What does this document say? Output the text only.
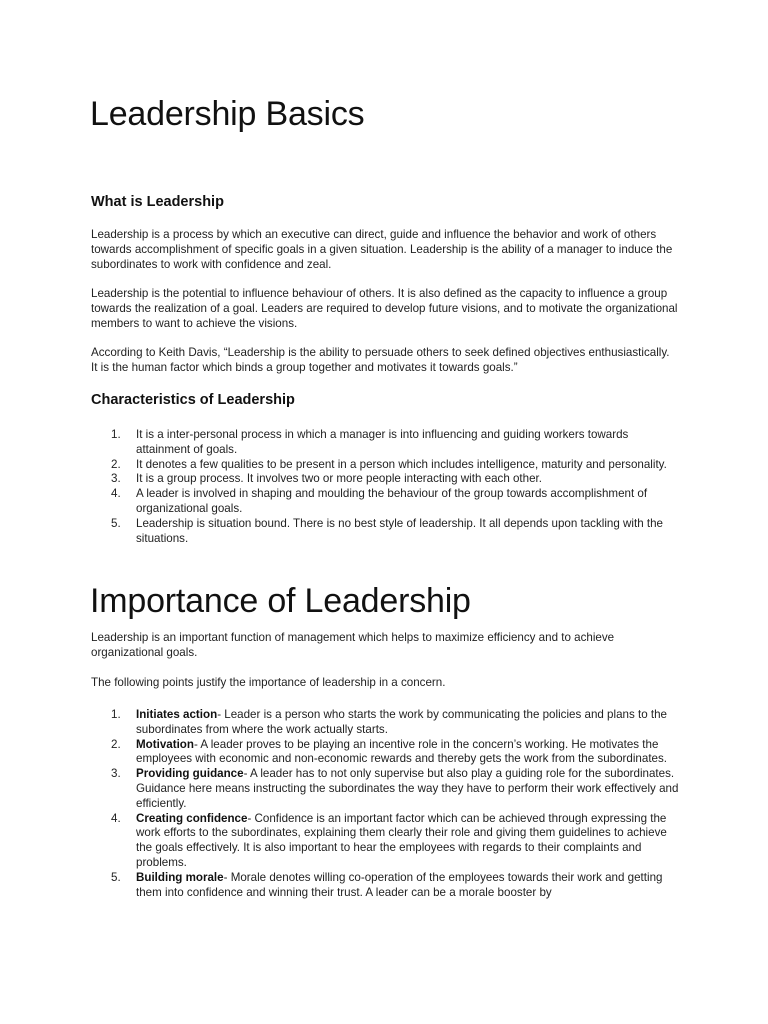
Leadership Basics
What is Leadership

Leadership is a process by which an executive can direct, guide and influence the behavior and work of others towards accomplishment of specific goals in a given situation. Leadership is the ability of a manager to induce the subordinates to work with confidence and zeal.

Leadership is the potential to influence behaviour of others. It is also defined as the capacity to influence a group towards the realization of a goal. Leaders are required to develop future visions, and to motivate the organizational members to want to achieve the visions.

According to Keith Davis, “Leadership is the ability to persuade others to seek defined objectives enthusiastically. It is the human factor which binds a group together and motivates it towards goals.”

Characteristics of Leadership
1.	It is a inter-personal process in which a manager is into influencing and guiding workers towards attainment of goals.
2.	It denotes a few qualities to be present in a person which includes intelligence, maturity and personality.
3.	It is a group process. It involves two or more people interacting with each other.
4.	A leader is involved in shaping and moulding the behaviour of the group towards accomplishment of organizational goals.
5.	Leadership is situation bound. There is no best style of leadership. It all depends upon tackling with the situations.
Importance of Leadership

Leadership is an important function of management which helps to maximize efficiency and to achieve organizational goals.

The following points justify the importance of leadership in a concern.

1.	Initiates action- Leader is a person who starts the work by communicating the policies and plans to the subordinates from where the work actually starts.
2.	Motivation- A leader proves to be playing an incentive role in the concern’s working. He motivates the employees with economic and non-economic rewards and thereby gets the work from the subordinates.
3.	Providing guidance- A leader has to not only supervise but also play a guiding role for the subordinates. Guidance here means instructing the subordinates the way they have to perform their work effectively and efficiently.
4.	Creating confidence- Confidence is an important factor which can be achieved through expressing the work efforts to the subordinates, explaining them clearly their role and giving them guidelines to achieve the goals effectively. It is also important to hear the employees with regards to their complaints and problems.
5.	Building morale- Morale denotes willing co-operation of the employees towards their work and getting them into confidence and winning their trust. A leader can be a morale booster by
